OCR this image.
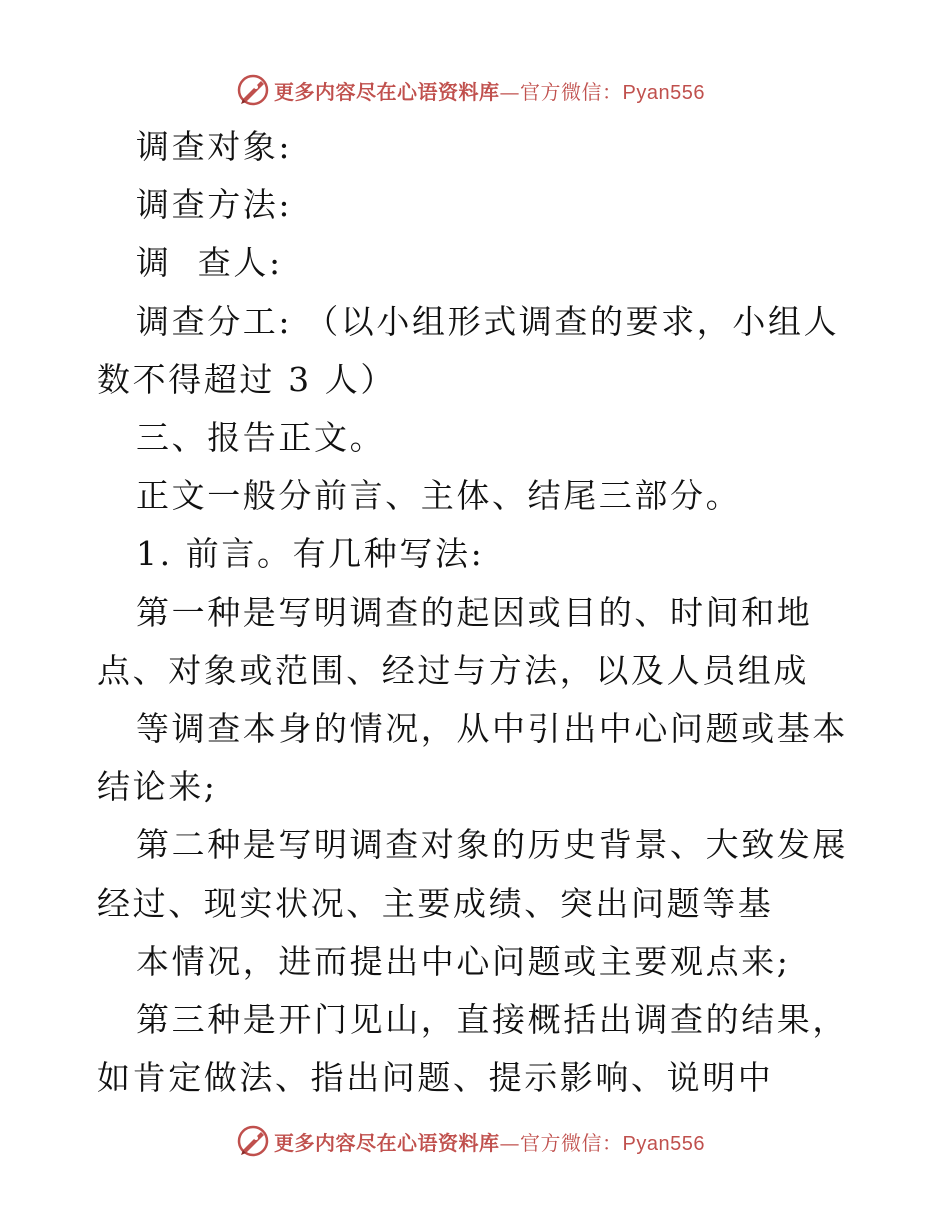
更多内容尽在心语资料库—官方微信：Pyan556

调查对象:

调查方法:

调  查人:

调查分工: （以小组形式调查的要求，小组人数不得超过 3 人）

三、报告正文。

正文一般分前言、主体、结尾三部分。

1. 前言。有几种写法:

第一种是写明调查的起因或目的、时间和地点、对象或范围、经过与方法，以及人员组成

等调查本身的情况，从中引出中心问题或基本结论来;

第二种是写明调查对象的历史背景、大致发展经过、现实状况、主要成绩、突出问题等基

本情况，进而提出中心问题或主要观点来;

第三种是开门见山，直接概括出调查的结果，如肯定做法、指出问题、提示影响、说明中

更多内容尽在心语资料库—官方微信：Pyan556
